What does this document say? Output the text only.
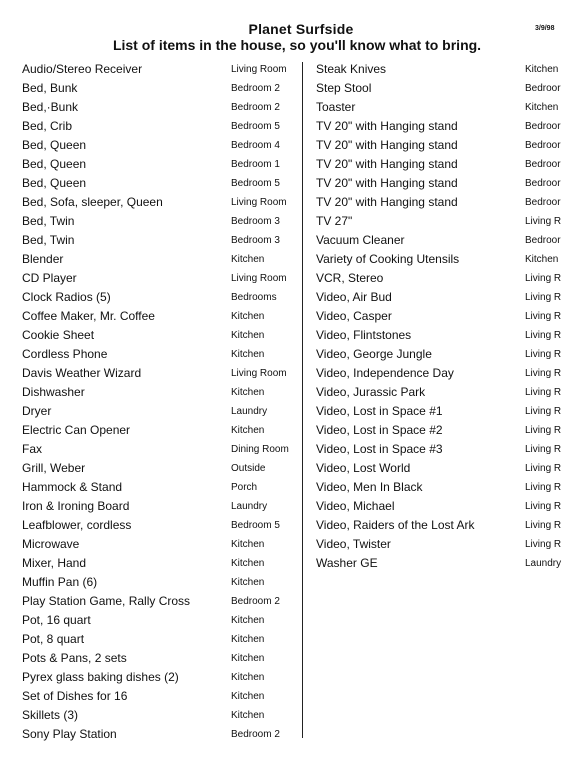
Planet Surfside
List of items in the house, so you'll know what to bring.
3/9/98
Audio/Stereo Receiver	Living Room
Bed, Bunk	Bedroom 2
Bed,·Bunk	Bedroom 2
Bed, Crib	Bedroom 5
Bed, Queen	Bedroom 4
Bed, Queen	Bedroom 1
Bed, Queen	Bedroom 5
Bed, Sofa, sleeper, Queen	Living Room
Bed, Twin	Bedroom 3
Bed, Twin	Bedroom 3
Blender	Kitchen
CD Player	Living Room
Clock Radios (5)	Bedrooms
Coffee Maker, Mr. Coffee	Kitchen
Cookie Sheet	Kitchen
Cordless Phone	Kitchen
Davis Weather Wizard	Living Room
Dishwasher	Kitchen
Dryer	Laundry
Electric Can Opener	Kitchen
Fax	Dining Room
Grill, Weber	Outside
Hammock & Stand	Porch
Iron & Ironing Board	Laundry
Leafblower, cordless	Bedroom 5
Microwave	Kitchen
Mixer, Hand	Kitchen
Muffin Pan (6)	Kitchen
Play Station Game, Rally Cross	Bedroom 2
Pot, 16 quart	Kitchen
Pot, 8 quart	Kitchen
Pots & Pans, 2 sets	Kitchen
Pyrex glass baking dishes (2)	Kitchen
Set of Dishes for 16	Kitchen
Skillets (3)	Kitchen
Sony Play Station	Bedroom 2
Steak Knives	Kitchen
Step Stool	Bedroor
Toaster	Kitchen
TV 20" with Hanging stand	Bedroor
TV 20" with Hanging stand	Bedroor
TV 20" with Hanging stand	Bedroor
TV 20" with Hanging stand	Bedroor
TV 20" with Hanging stand	Bedroor
TV 27"	Living R
Vacuum Cleaner	Bedroor
Variety of Cooking Utensils	Kitchen
VCR, Stereo	Living R
Video, Air Bud	Living R
Video, Casper	Living R
Video, Flintstones	Living R
Video, George Jungle	Living R
Video, Independence Day	Living R
Video, Jurassic Park	Living R
Video, Lost in Space #1	Living R
Video, Lost in Space #2	Living R
Video, Lost in Space #3	Living R
Video, Lost World	Living R
Video, Men In Black	Living R
Video, Michael	Living R
Video, Raiders of the Lost Ark	Living R
Video, Twister	Living R
Washer GE	Laundry
